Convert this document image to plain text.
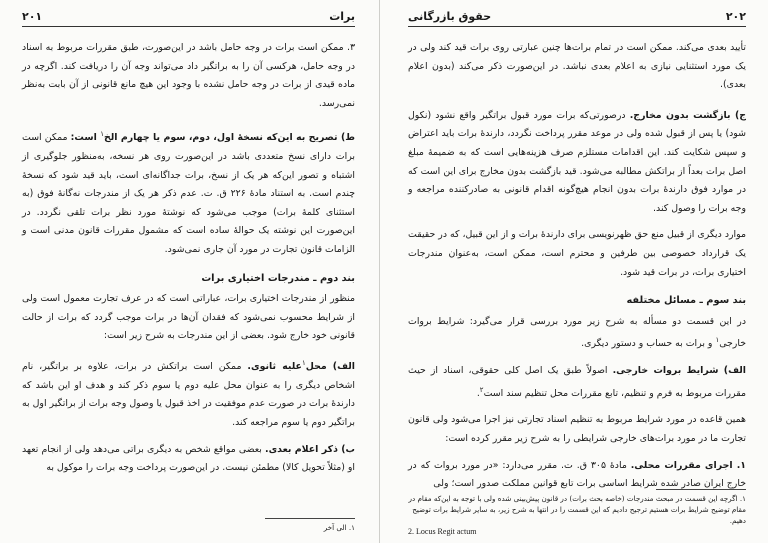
برات
۲۰۱

۳. ممکن است برات در وجه حامل باشد در این‌صورت، طبق مقررات مربوط به اسناد در وجه حامل، هرکسی آن را به براتگیر داد می‌تواند وجه آن را دریافت کند. اگرچه در ماده قیدی از برات در وجه حامل نشده با وجود این هیچ مانع قانونی از آن بابت به‌نظر نمی‌رسد.

ط) تصریح به این‌که نسخهٔ اول، دوم، سوم یا چهارم الخ$^۱$ است: ممکن است برات دارای نسخ متعددی باشد در این‌صورت روی هر نسخه، به‌منظور جلوگیری از اشتباه و تصور این‌که هر یک از نسخ، برات جداگانه‌ای است، باید قید شود که نسخهٔ چندم است. به استناد مادهٔ ۲۲۶ ق. ت. عدم ذکر هر یک از مندرجات نه‌گانهٔ فوق (به استثنای کلمهٔ برات) موجب می‌شود که نوشتهٔ مورد نظر برات تلقی نگردد. در این‌صورت این نوشته یک حوالهٔ ساده است که مشمول مقررات قانون مدنی است و الزامات قانون تجارت در مورد آن جاری نمی‌شود.

بند دوم ـ مندرجات اختیاری برات

منظور از مندرجات اختیاری برات، عباراتی است که در عرف تجارت معمول است ولی از شرایط محسوب نمی‌شود که فقدان آن‌ها در برات موجب گردد که برات از حالت قانونی خود خارج شود. بعضی از این مندرجات به شرح زیر است:

الف) محل$^۱$علیه ثانوی. ممکن است براتکش در برات، علاوه بر براتگیر، نام اشخاص دیگری را به عنوان محل علیه دوم یا سوم ذکر کند و هدف او این باشد که دارندهٔ برات در صورت عدم موفقیت در اخذ قبول یا وصول وجه برات از براتگیر اول به براتگیر دوم یا سوم مراجعه کند.

ب) ذکر اعلام بعدی. بعضی مواقع شخص به دیگری براتی می‌دهد ولی از انجام تعهد او (مثلاً تحویل کالا) مطمئن نیست. در این‌صورت پرداخت وجه برات را موکول به

۱. الی آخر

۲۰۲
حقوق بازرگانی

تأیید بعدی می‌کند. ممکن است در تمام برات‌ها چنین عبارتی روی برات قید کند ولی در یک مورد استثنایی نیازی به اعلام بعدی نباشد. در این‌صورت ذکر می‌کند (بدون اعلام بعدی).

ج) بازگشت بدون مخارج. درصورتی‌که برات مورد قبول براتگیر واقع نشود (نکول شود) یا پس از قبول شده ولی در موعد مقرر پرداخت نگردد، دارندهٔ برات باید اعتراض و سپس شکایت کند. این اقدامات مستلزم صرف هزینه‌هایی است که به ضمیمهٔ مبلغ اصل برات بعداً از براتکش مطالبه می‌شود. قید بازگشت بدون مخارج برای این است که در موارد فوق دارندهٔ برات بدون انجام هیچ‌گونه اقدام قانونی به صادرکننده مراجعه و وجه برات را وصول کند.

موارد دیگری از قبیل منع حق ظهرنویسی برای دارندهٔ برات و از این قبیل، که در حقیقت یک قرارداد خصوصی بین طرفین و محترم است، ممکن است، به‌عنوان مندرجات اختیاری برات، در برات قید شود.

بند سوم ـ مسائل مختلفه

در این قسمت دو مسأله به شرح زیر مورد بررسی قرار می‌گیرد: شرایط بروات خارجی$^۱$ و برات به حساب و دستور دیگری.

الف) شرایط بروات خارجی. اصولاً طبق یک اصل کلی حقوقی، اسناد از حیث مقررات مربوط به فرم و تنظیم، تابع مقررات محل تنظیم سند است$^۲$.

همین قاعده در مورد شرایط مربوط به تنظیم اسناد تجارتی نیز اجرا می‌شود ولی قانون تجارت ما در مورد برات‌های خارجی شرایطی را به شرح زیر مقرر کرده است:

۱. اجرای مقررات محلی. مادهٔ ۳۰۵ ق. ت. مقرر می‌دارد: «در مورد بروات که در خارج ایران صادر شده شرایط اساسی برات تابع قوانین مملکت صدور است؛ ولی

۱. اگرچه این قسمت در مبحث مندرجات (خاصه بحث برات) در قانون پیش‌بینی شده ولی با توجه به این‌که مقام در مقام توضیح شرایط برات هستیم ترجیح دادیم که این قسمت را در انتها به شرح زیر، به سایر شرایط برات توضیح دهیم.

2. Locus Regit actum
